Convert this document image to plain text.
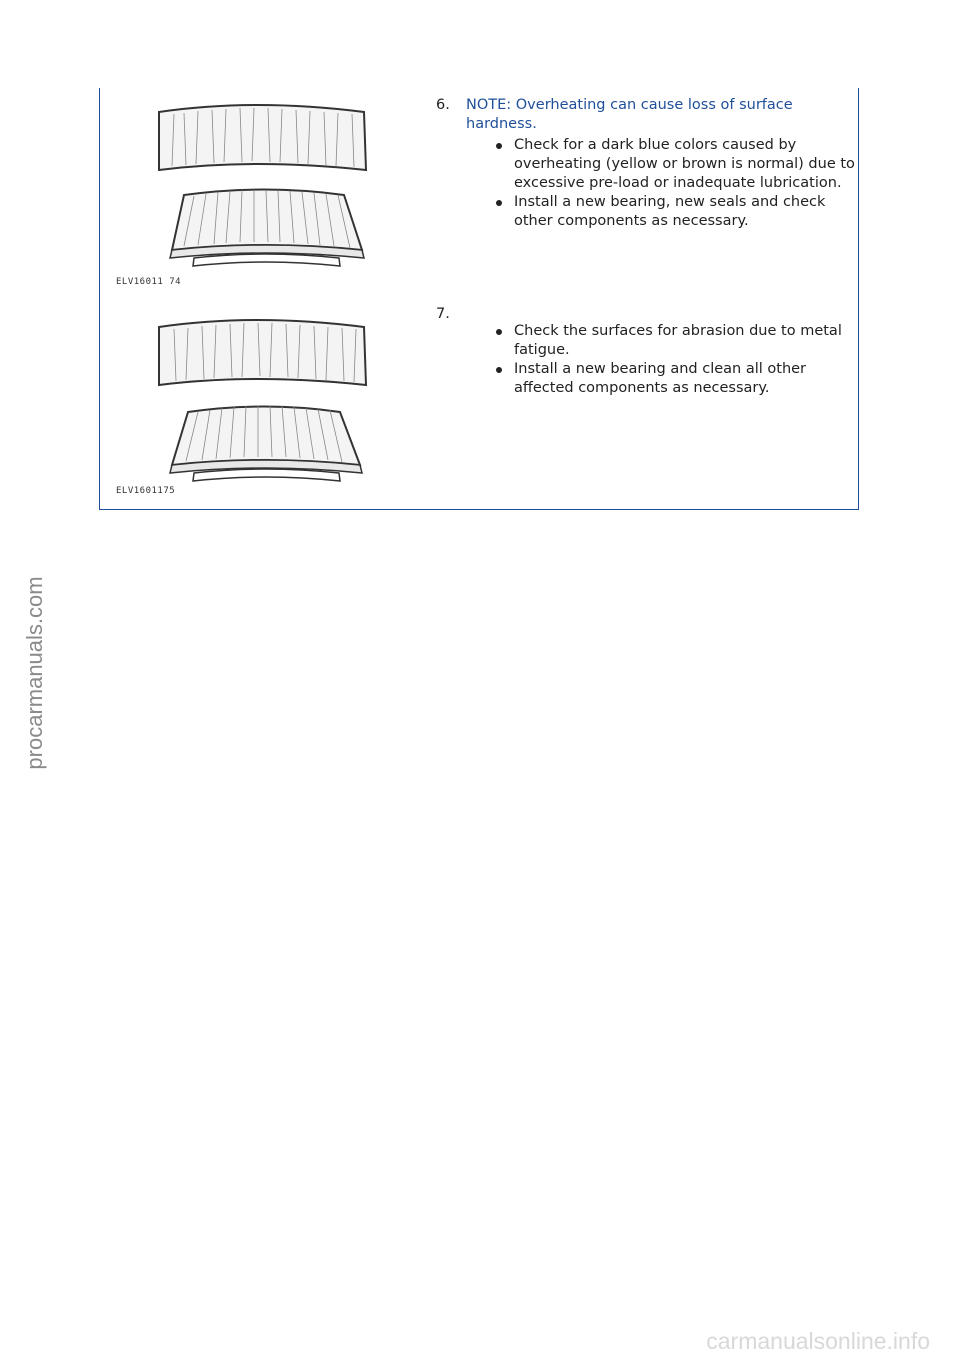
ELV16011 74
6. NOTE: Overheating can cause loss of surface hardness.
Check for a dark blue colors caused by overheating (yellow or brown is normal) due to excessive pre-load or inadequate lubrication.
Install a new bearing, new seals and check other components as necessary.
ELV1601175
7.
Check the surfaces for abrasion due to metal fatigue.
Install a new bearing and clean all other affected components as necessary.
procarmanuals.com
carmanualsonline.info
